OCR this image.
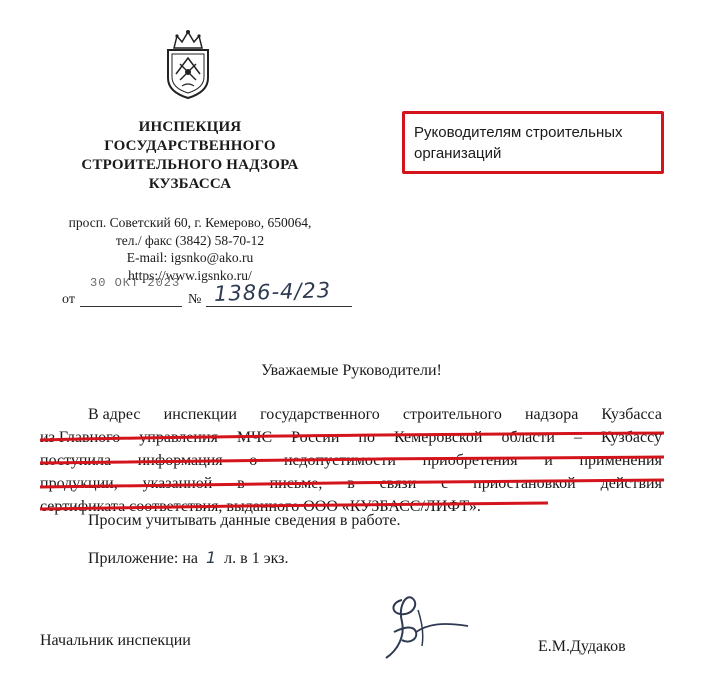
ИНСПЕКЦИЯ
ГОСУДАРСТВЕННОГО
СТРОИТЕЛЬНОГО НАДЗОРА
КУЗБАССА
просп. Советский 60, г. Кемерово, 650064,
тел./ факс (3842) 58-70-12
E-mail: igsnko@ako.ru
https://www.igsnko.ru/
Руководителям строительных
организаций
от
30 ОКТ 2023
№ 1386-4/23
Уважаемые Руководители!
В адрес инспекции государственного строительного надзора Кузбасса
из Главного управления МЧС России по Кемеровской области – Кузбассу
поступила информация о недопустимости приобретения и применения
продукции, указанной в письме, в связи с приостановкой действия
сертификата соответствия, выданного ООО «КУЗБАСС/ЛИФТ».
Просим учитывать данные сведения в работе.
Приложение: на 1 л. в 1 экз.
Начальник инспекции	Е.М.Дудаков
